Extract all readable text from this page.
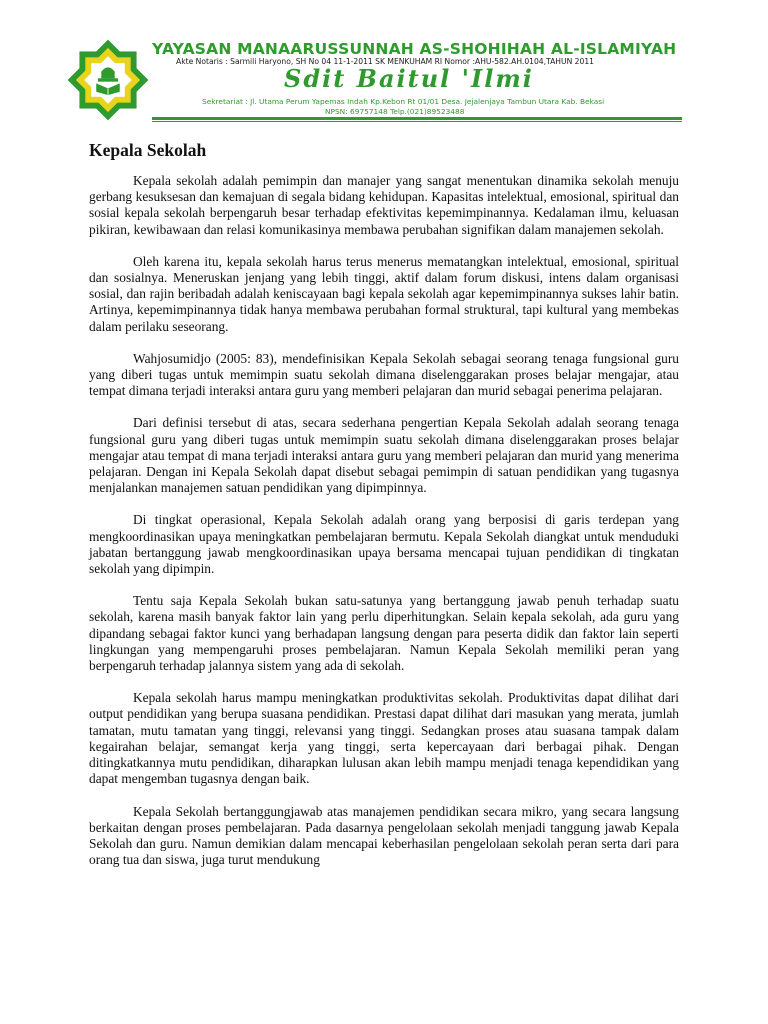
YAYASAN MANAARUSSUNNAH AS-SHOHIHAH AL-ISLAMIYAH
Akte Notaris : Sarmili Haryono, SH No 04 11-1-2011 SK MENKUHAM RI Nomor :AHU-582.AH.0104,TAHUN 2011
Sdit Baitul 'Ilmi
Sekretariat : Jl. Utama Perum Yapemas Indah Kp.Kebon Rt 01/01 Desa. Jejalenjaya Tambun Utara Kab. Bekasi
NPSN: 69757148 Telp.(021)89523488
Kepala Sekolah

Kepala sekolah adalah pemimpin dan manajer yang sangat menentukan dinamika sekolah menuju gerbang kesuksesan dan kemajuan di segala bidang kehidupan. Kapasitas intelektual, emosional, spiritual dan sosial kepala sekolah berpengaruh besar terhadap efektivitas kepemimpinannya. Kedalaman ilmu, keluasan pikiran, kewibawaan dan relasi komunikasinya membawa perubahan signifikan dalam manajemen sekolah.

Oleh karena itu, kepala sekolah harus terus menerus mematangkan intelektual, emosional, spiritual dan sosialnya. Meneruskan jenjang yang lebih tinggi, aktif dalam forum diskusi, intens dalam organisasi sosial, dan rajin beribadah adalah keniscayaan bagi kepala sekolah agar kepemimpinannya sukses lahir batin. Artinya, kepemimpinannya tidak hanya membawa perubahan formal struktural, tapi kultural yang membekas dalam perilaku seseorang.

Wahjosumidjo (2005: 83), mendefinisikan Kepala Sekolah sebagai seorang tenaga fungsional guru yang diberi tugas untuk memimpin suatu sekolah dimana diselenggarakan proses belajar mengajar, atau tempat dimana terjadi interaksi antara guru yang memberi pelajaran dan murid sebagai penerima pelajaran.

Dari definisi tersebut di atas, secara sederhana pengertian Kepala Sekolah adalah seorang tenaga fungsional guru yang diberi tugas untuk memimpin suatu sekolah dimana diselenggarakan proses belajar mengajar atau tempat di mana terjadi interaksi antara guru yang memberi pelajaran dan murid yang menerima pelajaran. Dengan ini Kepala Sekolah dapat disebut sebagai pemimpin di satuan pendidikan yang tugasnya menjalankan manajemen satuan pendidikan yang dipimpinnya.

Di tingkat operasional, Kepala Sekolah adalah orang yang berposisi di garis terdepan yang mengkoordinasikan upaya meningkatkan pembelajaran bermutu. Kepala Sekolah diangkat untuk menduduki jabatan bertanggung jawab mengkoordinasikan upaya bersama mencapai tujuan pendidikan di tingkatan sekolah yang dipimpin.

Tentu saja Kepala Sekolah bukan satu-satunya yang bertanggung jawab penuh terhadap suatu sekolah, karena masih banyak faktor lain yang perlu diperhitungkan. Selain kepala sekolah, ada guru yang dipandang sebagai faktor kunci yang berhadapan langsung dengan para peserta didik dan faktor lain seperti lingkungan yang mempengaruhi proses pembelajaran. Namun Kepala Sekolah memiliki peran yang berpengaruh terhadap jalannya sistem yang ada di sekolah.

Kepala sekolah harus mampu meningkatkan produktivitas sekolah. Produktivitas dapat dilihat dari output pendidikan yang berupa suasana pendidikan. Prestasi dapat dilihat dari masukan yang merata, jumlah tamatan, mutu tamatan yang tinggi, relevansi yang tinggi. Sedangkan proses atau suasana tampak dalam kegairahan belajar, semangat kerja yang tinggi, serta kepercayaan dari berbagai pihak. Dengan ditingkatkannya mutu pendidikan, diharapkan lulusan akan lebih mampu menjadi tenaga kependidikan yang dapat mengemban tugasnya dengan baik.

Kepala Sekolah bertanggungjawab atas manajemen pendidikan secara mikro, yang secara langsung berkaitan dengan proses pembelajaran. Pada dasarnya pengelolaan sekolah menjadi tanggung jawab Kepala Sekolah dan guru. Namun demikian dalam mencapai keberhasilan pengelolaan sekolah peran serta dari para orang tua dan siswa, juga turut mendukung
